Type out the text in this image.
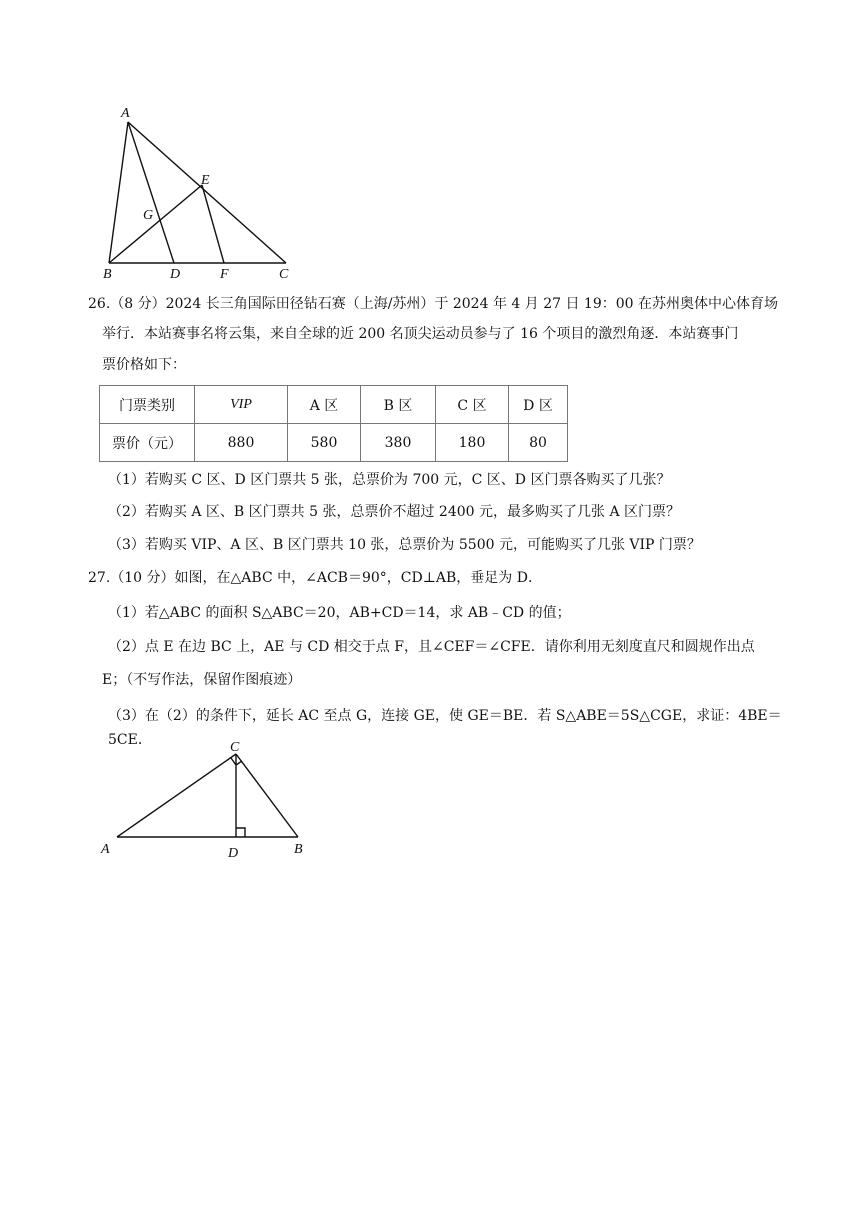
A
E
G
B	D	F	C
26.（8 分）2024 长三角国际田径钻石赛（上海/苏州）于 2024 年 4 月 27 日 19：00 在苏州奥体中心体育场
举行．本站赛事名将云集，来自全球的近 200 名顶尖运动员参与了 16 个项目的激烈角逐．本站赛事门
票价格如下：
门票类别	VIP	A 区	B 区	C 区	D 区
票价（元）	880	580	380	180	80
（1）若购买 C 区、D 区门票共 5 张，总票价为 700 元，C 区、D 区门票各购买了几张？
（2）若购买 A 区、B 区门票共 5 张，总票价不超过 2400 元，最多购买了几张 A 区门票？
（3）若购买 VIP、A 区、B 区门票共 10 张，总票价为 5500 元，可能购买了几张 VIP 门票？
27.（10 分）如图，在△ABC 中，∠ACB＝90°，CD⊥AB，垂足为 D．
（1）若△ABC 的面积 S△ABC＝20，AB+CD＝14，求 AB﹣CD 的值；
（2）点 E 在边 BC 上，AE 与 CD 相交于点 F，且∠CEF＝∠CFE．请你利用无刻度直尺和圆规作出点
E；（不写作法，保留作图痕迹）
（3）在（2）的条件下，延长 AC 至点 G，连接 GE，使 GE＝BE．若 S△ABE＝5S△CGE，求证：4BE＝5CE．	C
A	D	B
